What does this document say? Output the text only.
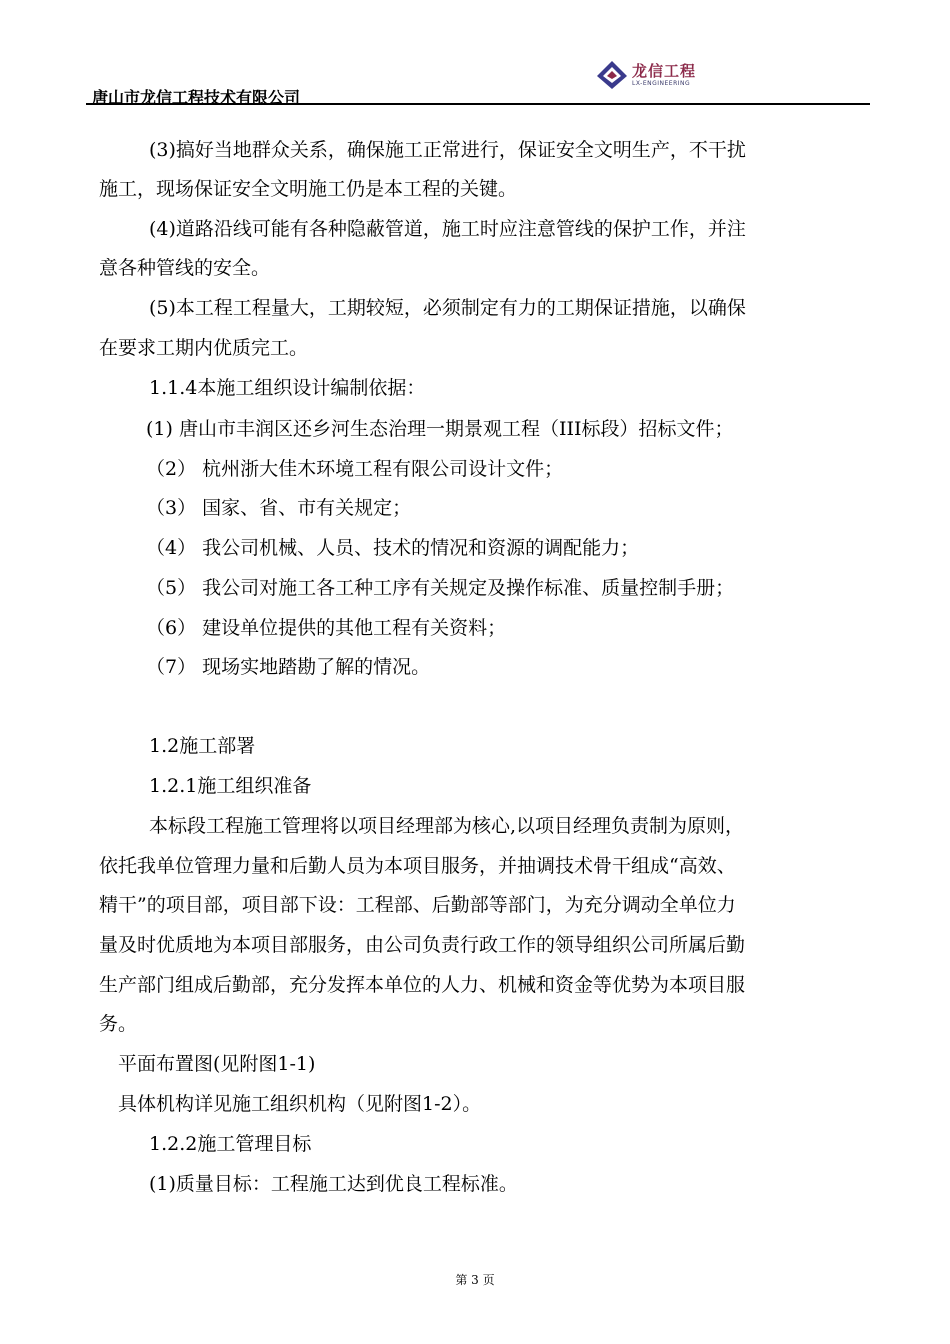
唐山市龙信工程技术有限公司
龙信工程
LX-ENGINEERING
(3)搞好当地群众关系，确保施工正常进行，保证安全文明生产，不干扰
施工，现场保证安全文明施工仍是本工程的关键。
(4)道路沿线可能有各种隐蔽管道，施工时应注意管线的保护工作，并注
意各种管线的安全。
(5)本工程工程量大，工期较短，必须制定有力的工期保证措施，以确保
在要求工期内优质完工。
1.1.4本施工组织设计编制依据：
(1) 唐山市丰润区还乡河生态治理一期景观工程（III标段）招标文件；
（2） 杭州浙大佳木环境工程有限公司设计文件；
（3） 国家、省、市有关规定；
（4） 我公司机械、人员、技术的情况和资源的调配能力；
（5） 我公司对施工各工种工序有关规定及操作标准、质量控制手册；
（6） 建设单位提供的其他工程有关资料；
（7） 现场实地踏勘了解的情况。
1.2施工部署
1.2.1施工组织准备
本标段工程施工管理将以项目经理部为核心,以项目经理负责制为原则，
依托我单位管理力量和后勤人员为本项目服务，并抽调技术骨干组成“高效、
精干”的项目部，项目部下设：工程部、后勤部等部门，为充分调动全单位力
量及时优质地为本项目部服务，由公司负责行政工作的领导组织公司所属后勤
生产部门组成后勤部，充分发挥本单位的人力、机械和资金等优势为本项目服
务。
平面布置图(见附图1-1)
具体机构详见施工组织机构（见附图1-2）。
1.2.2施工管理目标
(1)质量目标：工程施工达到优良工程标准。
第 3 页
